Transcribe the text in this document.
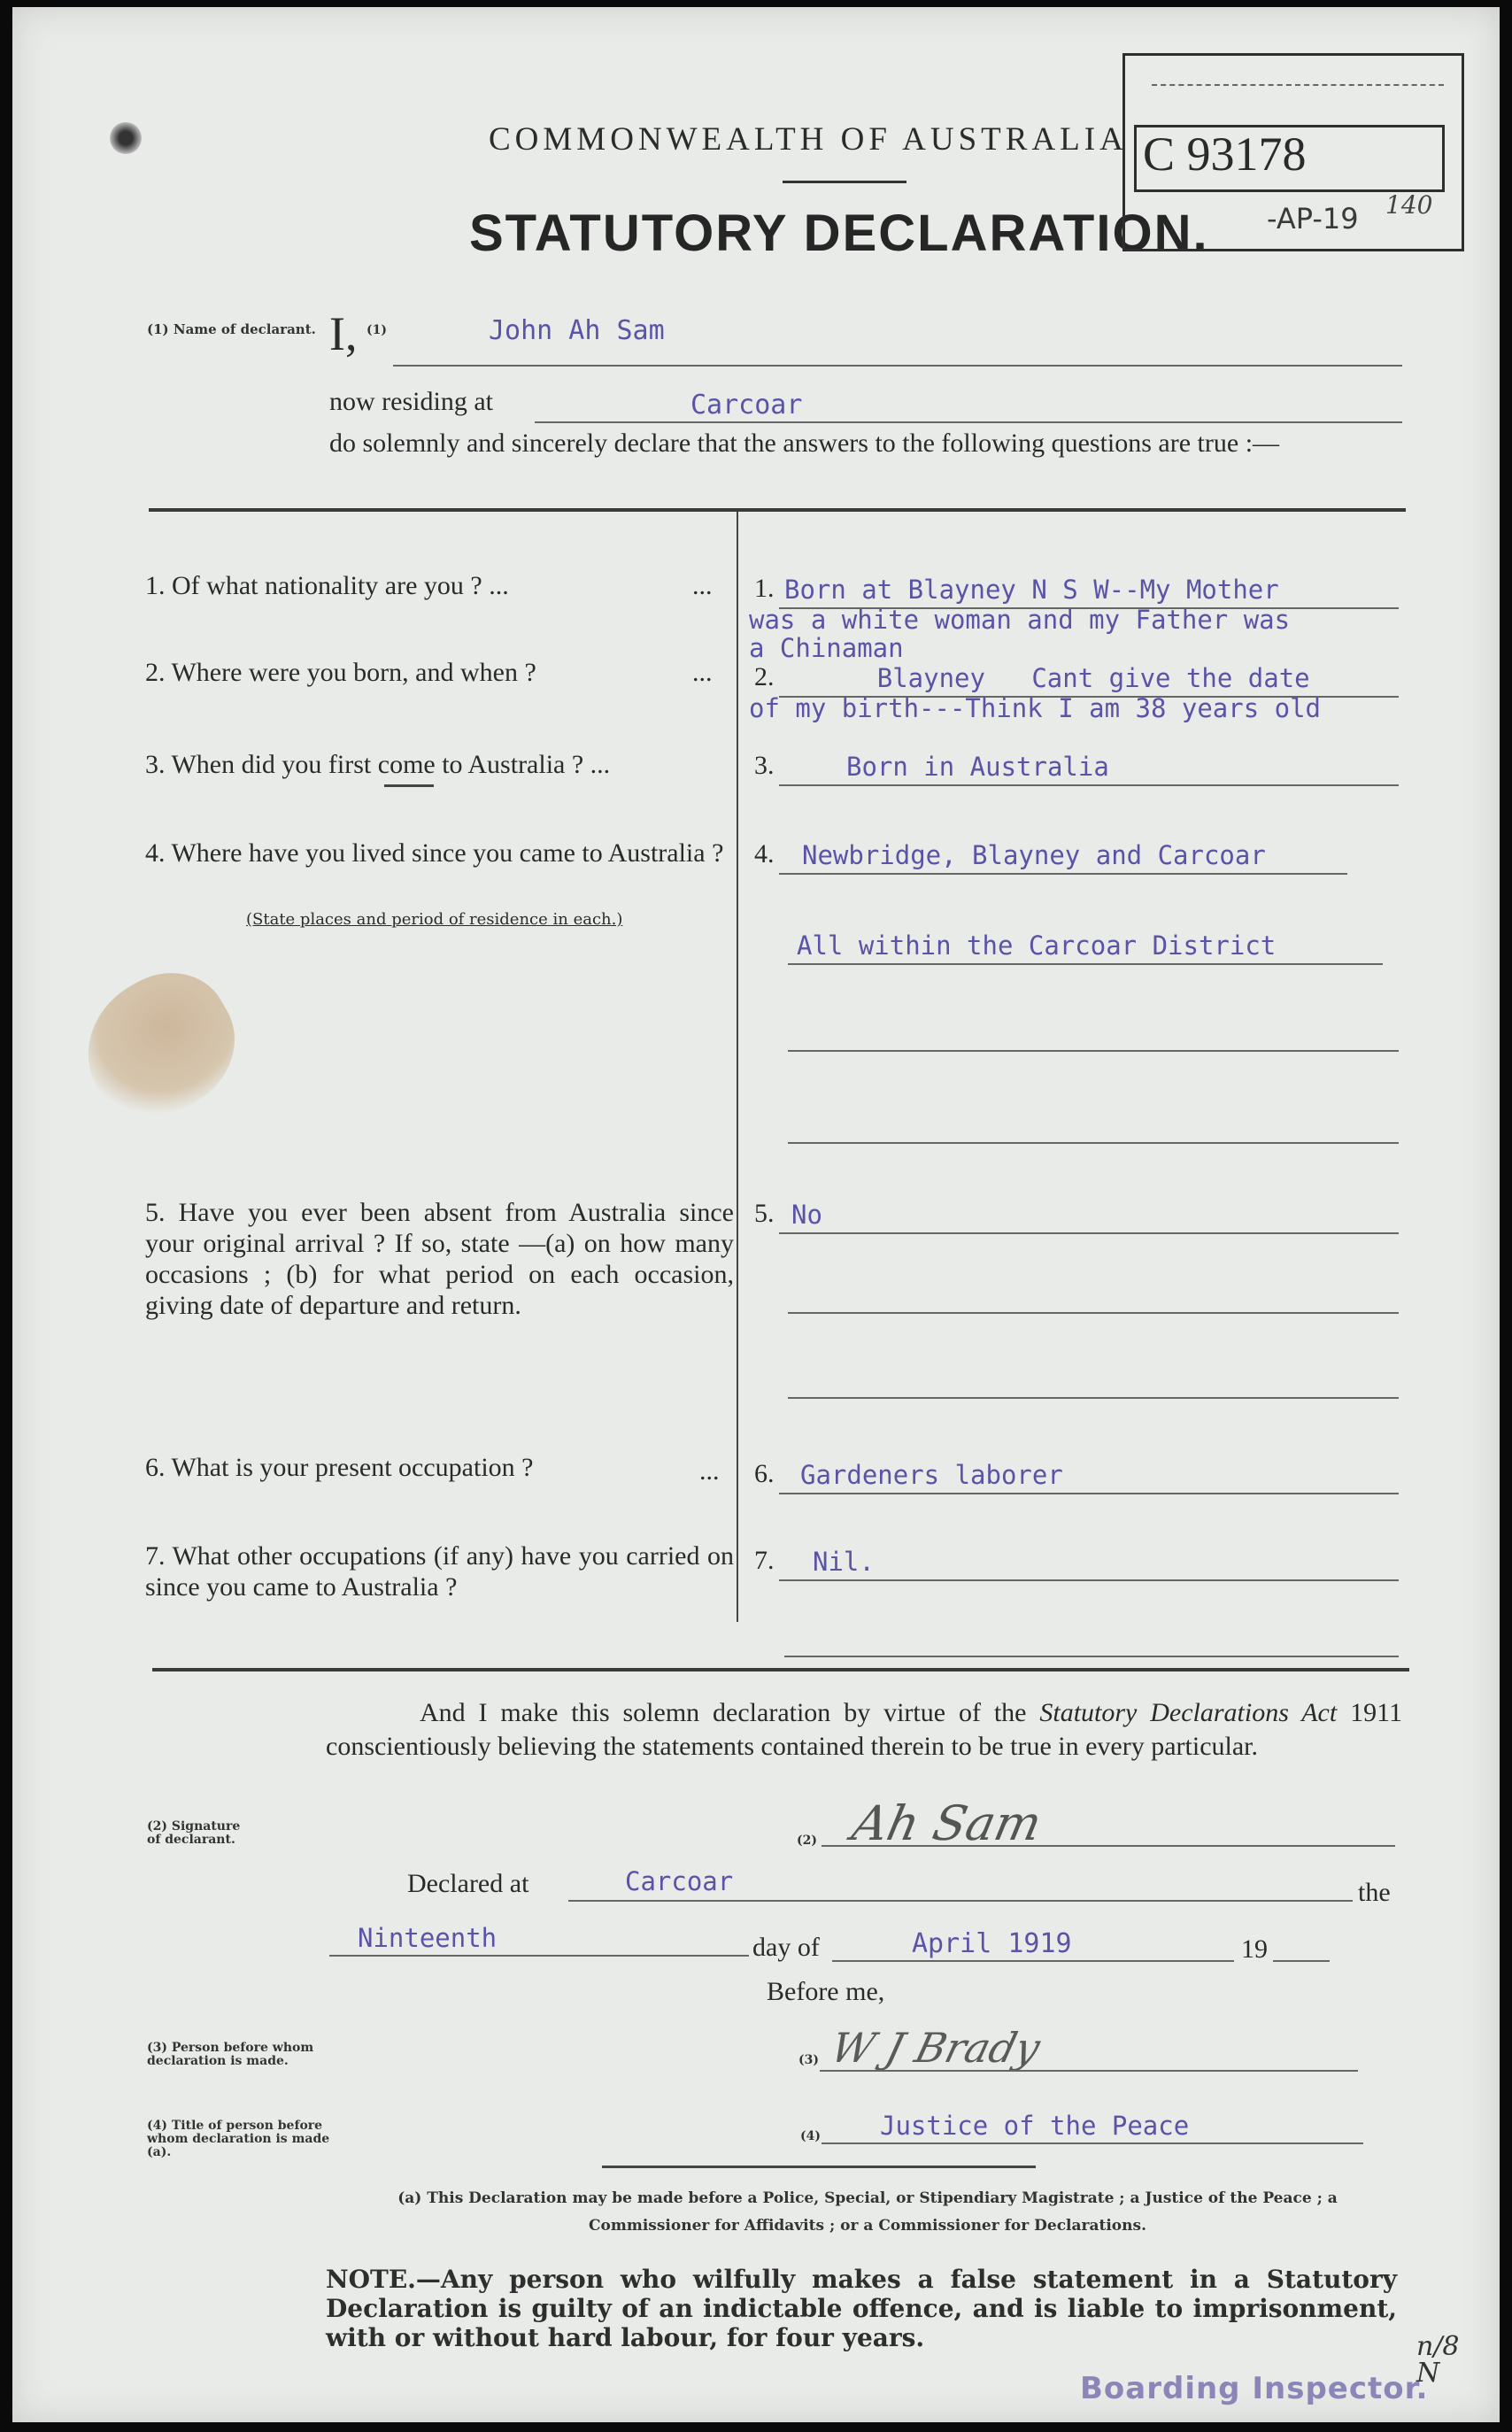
COMMONWEALTH OF AUSTRALIA
STATUTORY DECLARATION.
C 93178
-AP-19 140
(1) Name of declarant. I, (1)	John Ah Sam
now residing at	Carcoar
do solemnly and sincerely declare that the answers to the following questions are true :—
1. Of what nationality are you ? ...	... 1. Born at Blayney N S W--My Mother
was a white woman and my Father was
a Chinaman
2. Where were you born, and when ?	... 2. Blayney   Cant give the date
of my birth---Think I am 38 years old
3. When did you first come to Australia ? ...	3.	Born in Australia
4. Where have you lived since you came to Australia ?
(State places and period of residence in each.)
4. Newbridge, Blayney and Carcoar
All within the Carcoar District
5. Have you ever been absent from Australia since your original arrival ? If so, state —(a) on how many occasions ; (b) for what period on each occasion, giving date of departure and return.
5. No
6. What is your present occupation ?	... 6. Gardeners laborer
7. What other occupations (if any) have you carried on since you came to Australia ?
7. Nil.
And I make this solemn declaration by virtue of the Statutory Declarations Act 1911 conscientiously believing the statements contained therein to be true in every particular.
(2) Signature of declarant.	(2) Ah Sam
Declared at	Carcoar	the
Ninteenth	day of	April 1919	19
Before me,
(3) Person before whom declaration is made.	(3) W J Brady
(4) Title of person before whom declaration is made (a).
(4) Justice of the Peace
(a) This Declaration may be made before a Police, Special, or Stipendiary Magistrate ; a Justice of the Peace ; a Commissioner for Affidavits ; or a Commissioner for Declarations.
NOTE.—Any person who wilfully makes a false statement in a Statutory Declaration is guilty of an indictable offence, and is liable to imprisonment, with or without hard labour, for four years.
Boarding Inspector.
n/8 N
